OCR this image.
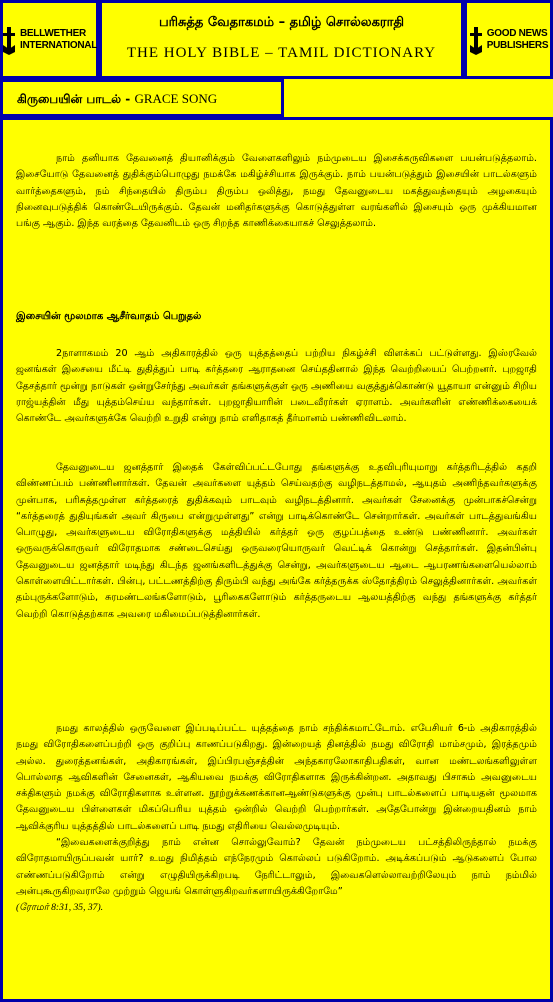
BELLWETHER
INTERNATIONAL
பரிசுத்த வேதாகமம் – தமிழ் சொல்லகராதி
THE HOLY BIBLE – TAMIL DICTIONARY
GOOD NEWS
PUBLISHERS
கிருபையின் பாடல் - GRACE SONG

நாம் தனியாக தேவனைத் தியானிக்கும் வேளைகளிலும் நம்முடைய இசைக்கருவிகளை பயன்படுத்தலாம். இசையோடு தேவனைத் துதிக்கும்பொழுது நமக்கே மகிழ்ச்சியாக இருக்கும். நாம் பயன்படுத்தும் இசையின் பாடல்களும் வார்த்தைகளும், நம் சிந்தையில் திரும்ப திரும்ப ஒலித்து, நமது தேவனுடைய மகத்துவத்தையும் அழகையும் நினைவுபடுத்திக் கொண்டேயிருக்கும். தேவன் மனிதர்களுக்கு கொடுத்துள்ள வரங்களில் இசையும் ஒரு முக்கியமான பங்கு ஆகும். இந்த வரத்தை தேவனிடம் ஒரு சிறந்த காணிக்கையாகச் செலுத்தலாம்.

இசையின் மூலமாக ஆசீர்வாதம் பெறுதல்

2நாளாகமம் 20 ஆம் அதிகாரத்தில் ஒரு யுத்தத்தைப் பற்றிய நிகழ்ச்சி விளக்கப் பட்டுள்ளது. இஸ்ரவேல் ஜனங்கள் இசையை மீட்டி துதித்துப் பாடி கர்த்தரை ஆராதனை செய்ததினால் இந்த வெற்றியைப் பெற்றனர். புறஜாதி தேசத்தார் மூன்று நாடுகள் ஒன்றுசேர்ந்து அவர்கள் தங்களுக்குள் ஒரு அணியை வகுத்துக்கொண்டு யூதாயா என்னும் சிறிய ராஜ்யத்தின் மீது யுத்தம்செய்ய வந்தார்கள். புறஜாதியாரின் படைவீரர்கள் ஏராளம். அவர்களின் எண்ணிக்கையைக் கொண்டே அவர்களுக்கே வெற்றி உறுதி என்று நாம் எளிதாகத் தீர்மானம் பண்ணிவிடலாம்.

தேவனுடைய ஜனத்தார் இதைக் கேள்விப்பட்டபோது தங்களுக்கு உதவிபுரியுமாறு கர்த்தரிடத்தில் கதறி விண்ணப்பம் பண்ணினார்கள். தேவன் அவர்களை யுத்தம் செய்வதற்கு வழிநடத்தாமல், ஆயுதம் அணிந்தவர்களுக்கு முன்பாக, பரிசுத்தமுள்ள கர்த்தரைத் துதிக்கவும் பாடவும் வழிநடத்தினார். அவர்கள் சேனைக்கு முன்பாகச்சென்று “கர்த்தரைத் துதியுங்கள் அவர் கிருபை என்றுமுள்ளது” என்று பாடிக்கொண்டே சென்றார்கள். அவர்கள் பாடத்துவங்கிய பொழுது, அவர்களுடைய விரோதிகளுக்கு மத்தியில் கர்த்தர் ஒரு குழப்பத்தை உண்டு பண்ணினார். அவர்கள் ஒருவருக்கொருவர் விரோதமாக சண்டைசெய்து ஒருவரையொருவர் வெட்டிக் கொன்று செத்தார்கள். இதன்பின்பு தேவனுடைய ஜனத்தார் மடிந்து கிடந்த ஜனங்களிடத்துக்கு சென்று, அவர்களுடைய ஆடை ஆபரணங்களையெல்லாம் கொள்ளையிட்டார்கள். பின்பு, பட்டணத்திற்கு திரும்பி வந்து அங்கே கர்த்தருக்க ஸ்தோத்திரம் செலுத்தினார்கள். அவர்கள் தம்புருக்களோடும், சுரமண்டலங்களோடும், பூரிகைகளோடும் கர்த்தருடைய ஆலயத்திற்கு வந்து தங்களுக்கு கர்த்தர் வெற்றி கொடுத்தற்காக அவரை மகிமைப்படுத்தினார்கள்.

நமது காலத்தில் ஒருவேளை இப்படிப்பட்ட யுத்தத்தை நாம் சந்திக்கமாட்டோம். எபேசியர் 6-ம் அதிகாரத்தில் நமது விரோதிகளைப்பற்றி ஒரு குறிப்பு காணப்படுகிறது. இன்றையத் தினத்தில் நமது விரோதி மாம்சமும், இரத்தமும் அல்ல. துரைத்தனங்கள், அதிகாரங்கள், இப்பிரபஞ்சத்தின் அந்தகாரலோகாதிபதிகள், வான மண்டலங்களிலுள்ள பொல்லாத ஆவிகளின் சேனைகள், ஆகியவை நமக்கு விரோதிகளாக இருக்கின்றன. அதாவது பிசாசும் அவனுடைய சக்திகளும் நமக்கு விரோதிகளாக உள்ளன. நூற்றுக்கணக்கானஆண்டுகளுக்கு முன்பு பாடல்களைப் பாடியதன் மூலமாக தேவனுடைய பிள்ளைகள் மிகப்பெரிய யுத்தம் ஒன்றில் வெற்றி பெற்றார்கள். அதேபோன்று இன்றையதினம் நாம் ஆவிக்குரிய யுத்தத்தில் பாடல்களைப் பாடி நமது எதிரியை வெல்லமுடியும்.

“இவைகளைக்குறித்து நாம் என்ன சொல்லுவோம்? தேவன் நம்முடைய பட்சத்திலிருந்தால் நமக்கு விரோதமாயிருப்பவன் யார்? உமது நிமித்தம் எந்நேரமும் கொல்லப் படுகிறோம். அடிக்கப்படும் ஆடுகளைப் போல எண்ணப்படுகிறோம் என்று எழுதியிருக்கிறபடி நேரிட்டாலும், இவைகளெல்லாவற்றிலேயும் நாம் நம்மில் அன்புகூருகிறவராலே முற்றும் ஜெயங் கொள்ளுகிறவர்களாயிருக்கிறோமே”

(ரோமர் 8:31, 35, 37).
